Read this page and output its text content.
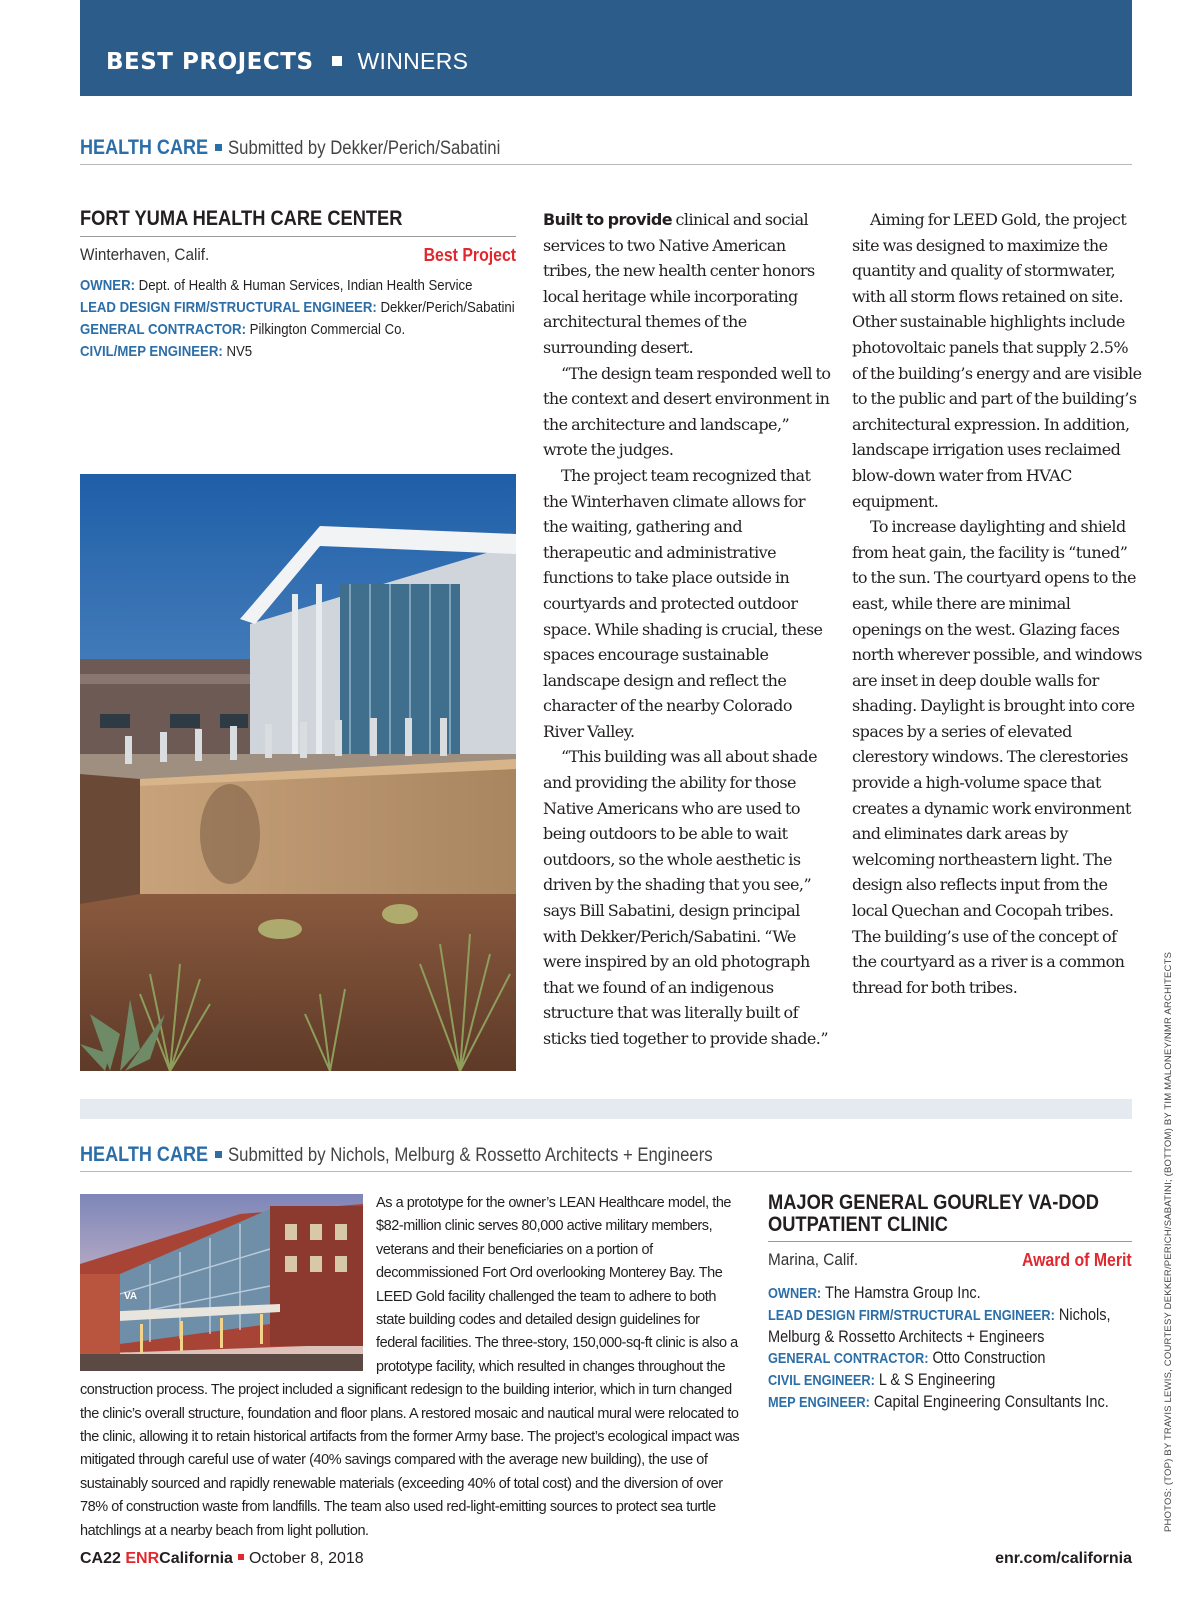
BEST PROJECTS WINNERS
HEALTH CARE Submitted by Dekker/Perich/Sabatini
FORT YUMA HEALTH CARE CENTER
Winterhaven, Calif.	Best Project
OWNER: Dept. of Health & Human Services, Indian Health Service
LEAD DESIGN FIRM/STRUCTURAL ENGINEER: Dekker/Perich/Sabatini
GENERAL CONTRACTOR: Pilkington Commercial Co.
CIVIL/MEP ENGINEER: NV5

Built to provide clinical and social services to two Native American tribes, the new health center honors local heritage while incorporating architectural themes of the surrounding desert.

“The design team responded well to the context and desert environment in the architecture and landscape,” wrote the judges.

The project team recognized that the Winterhaven climate allows for the waiting, gathering and therapeutic and administrative functions to take place outside in courtyards and protected outdoor space. While shading is crucial, these spaces encourage sustainable landscape design and reflect the character of the nearby Colorado River Valley.

“This building was all about shade and providing the ability for those Native Americans who are used to being outdoors to be able to wait outdoors, so the whole aesthetic is driven by the shading that you see,” says Bill Sabatini, design principal with Dekker/Perich/Sabatini. “We were inspired by an old photograph that we found of an indigenous structure that was literally built of sticks tied together to provide shade.”

Aiming for LEED Gold, the project site was designed to maximize the quantity and quality of stormwater, with all storm flows retained on site. Other sustainable highlights include photovoltaic panels that supply 2.5% of the building’s energy and are visible to the public and part of the building’s architectural expression. In addition, landscape irrigation uses reclaimed blow-down water from HVAC equipment.

To increase daylighting and shield from heat gain, the facility is “tuned” to the sun. The courtyard opens to the east, while there are minimal openings on the west. Glazing faces north wherever possible, and windows are inset in deep double walls for shading. Daylight is brought into core spaces by a series of elevated clerestory windows. The clerestories provide a high-volume space that creates a dynamic work environment and eliminates dark areas by welcoming northeastern light. The design also reflects input from the local Quechan and Cocopah tribes. The building’s use of the concept of the courtyard as a river is a common thread for both tribes.

HEALTH CARE Submitted by Nichols, Melburg & Rossetto Architects + Engineers
VA
As a prototype for the owner’s LEAN Healthcare model, the $82-million clinic serves 80,000 active military members, veterans and their beneficiaries on a portion of decommissioned Fort Ord overlooking Monterey Bay. The LEED Gold facility challenged the team to adhere to both state building codes and detailed design guidelines for federal facilities. The three-story, 150,000-sq-ft clinic is also a prototype facility, which resulted in changes throughout the construction process. The project included a significant redesign to the building interior, which in turn changed the clinic’s overall structure, foundation and floor plans. A restored mosaic and nautical mural were relocated to the clinic, allowing it to retain historical artifacts from the former Army base. The project’s ecological impact was mitigated through careful use of water (40% savings compared with the average new building), the use of sustainably sourced and rapidly renewable materials (exceeding 40% of total cost) and the diversion of over 78% of construction waste from landfills. The team also used red-light-emitting sources to protect sea turtle hatchlings at a nearby beach from light pollution.
MAJOR GENERAL GOURLEY VA-DOD
OUTPATIENT CLINIC
Marina, Calif.	Award of Merit
OWNER: The Hamstra Group Inc.
LEAD DESIGN FIRM/STRUCTURAL ENGINEER: Nichols,
Melburg & Rossetto Architects + Engineers
GENERAL CONTRACTOR: Otto Construction
CIVIL ENGINEER: L & S Engineering
MEP ENGINEER: Capital Engineering Consultants Inc.	PHOTOS: (TOP) BY TRAVIS LEWIS, COURTESY DEKKER/PERICH/SABATINI; (BOTTOM) BY TIM MALONEY/NMR ARCHITECTS
CA22 ENRCalifornia October 8, 2018	enr.com/california
